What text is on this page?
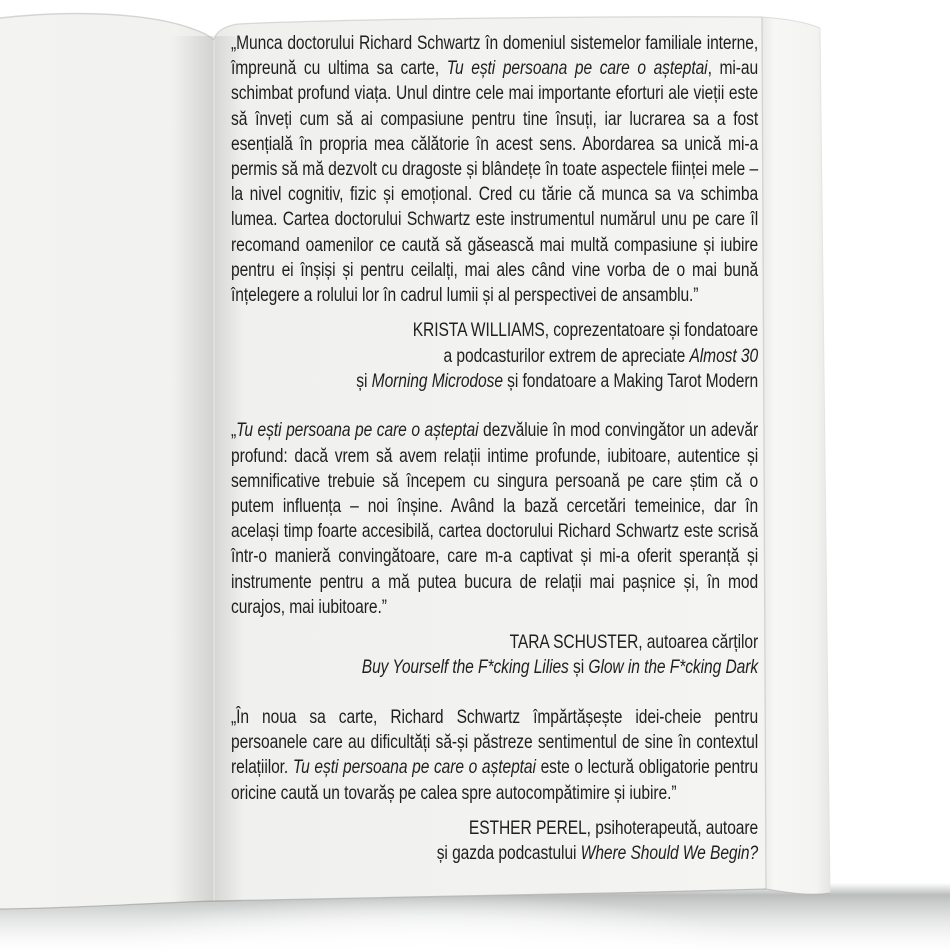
„Munca doctorului Richard Schwartz în domeniul sistemelor familiale interne, împreună cu ultima sa carte, Tu ești persoana pe care o așteptai, mi-au schimbat profund viața. Unul dintre cele mai importante eforturi ale vieții este să înveți cum să ai compasiune pentru tine însuți, iar lucrarea sa a fost esențială în propria mea călătorie în acest sens. Abordarea sa unică mi-a permis să mă dezvolt cu dragoste și blândețe în toate aspectele ființei mele – la nivel cognitiv, fizic și emoțional. Cred cu tărie că munca sa va schimba lumea. Cartea doctorului Schwartz este instrumentul numărul unu pe care îl recomand oamenilor ce caută să găsească mai multă compasiune și iubire pentru ei înșiși și pentru ceilalți, mai ales când vine vorba de o mai bună înțelegere a rolului lor în cadrul lumii și al perspectivei de ansamblu.”

KRISTA WILLIAMS, coprezentatoare și fondatoare
a podcasturilor extrem de apreciate Almost 30
și Morning Microdose și fondatoare a Making Tarot Modern

„Tu ești persoana pe care o așteptai dezvăluie în mod convingător un adevăr profund: dacă vrem să avem relații intime profunde, iubitoare, autentice și semnificative trebuie să începem cu singura persoană pe care știm că o putem influența – noi înșine. Având la bază cercetări temeinice, dar în același timp foarte accesibilă, cartea doctorului Richard Schwartz este scrisă într-o manieră convingătoare, care m-a captivat și mi-a oferit speranță și instrumente pentru a mă putea bucura de relații mai pașnice și, în mod curajos, mai iubitoare.”

TARA SCHUSTER, autoarea cărților
Buy Yourself the F*cking Lilies și Glow in the F*cking Dark

„În noua sa carte, Richard Schwartz împărtășește idei-cheie pentru persoanele care au dificultăți să-și păstreze sentimentul de sine în contextul relațiilor. Tu ești persoana pe care o așteptai este o lectură obligatorie pentru oricine caută un tovarăș pe calea spre autocompătimire și iubire.”

ESTHER PEREL, psihoterapeută, autoare
și gazda podcastului Where Should We Begin?
